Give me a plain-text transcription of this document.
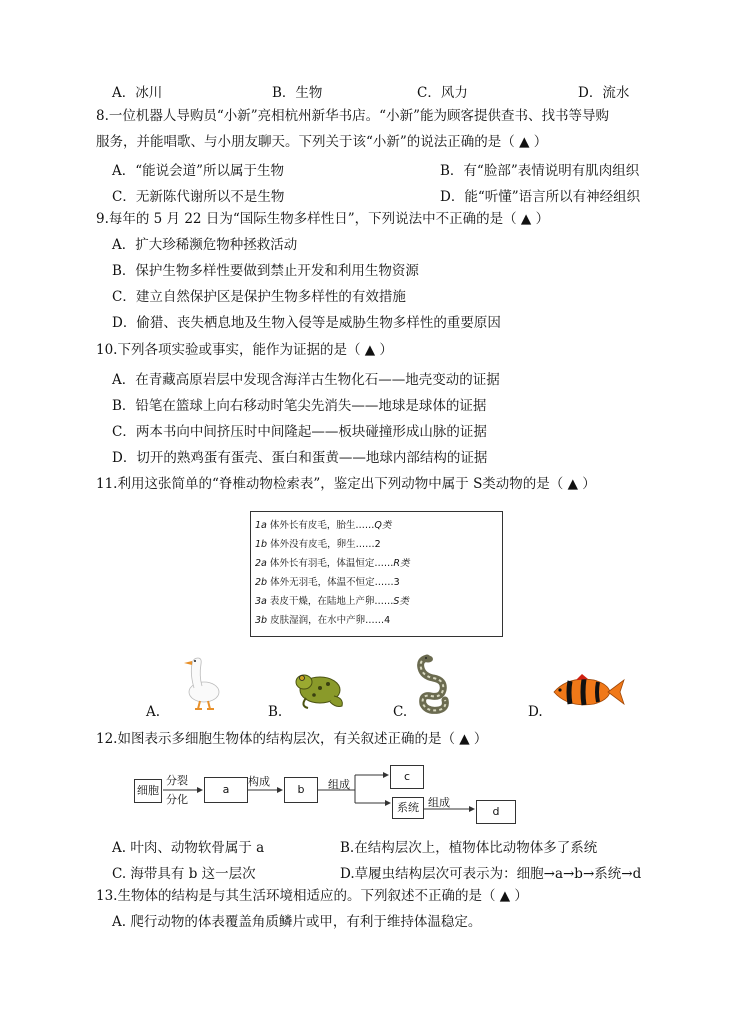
A．冰川	B．生物	C．风力	D．流水
8.一位机器人导购员“小新”亮相杭州新华书店。“小新”能为顾客提供查书、找书等导购
服务，并能唱歌、与小朋友聊天。下列关于该“小新”的说法正确的是（ ▲ ）
A．“能说会道”所以属于生物	B．有“脸部”表情说明有肌肉组织
C．无新陈代谢所以不是生物	D．能“听懂”语言所以有神经组织
9.每年的 5 月 22 日为“国际生物多样性日”，下列说法中不正确的是（ ▲ ）
A．扩大珍稀濒危物种拯救活动
B．保护生物多样性要做到禁止开发和利用生物资源
C．建立自然保护区是保护生物多样性的有效措施
D．偷猎、丧失栖息地及生物入侵等是威胁生物多样性的重要原因
10.下列各项实验或事实，能作为证据的是（ ▲ ）
A．在青藏高原岩层中发现含海洋古生物化石——地壳变动的证据
B．铅笔在篮球上向右移动时笔尖先消失——地球是球体的证据
C．两本书向中间挤压时中间隆起——板块碰撞形成山脉的证据
D．切开的熟鸡蛋有蛋壳、蛋白和蛋黄——地球内部结构的证据
11.利用这张简单的“脊椎动物检索表”，鉴定出下列动物中属于 S类动物的是（ ▲ ）
1a 体外长有皮毛，胎生……Q类
1b 体外没有皮毛，卵生……2
2a 体外长有羽毛，体温恒定……R类
2b 体外无羽毛，体温不恒定……3
3a 表皮干燥，在陆地上产卵……S类
3b 皮肤湿润，在水中产卵……4
A.	B.	C.	D.
12.如图表示多细胞生物体的结构层次，有关叙述正确的是（ ▲ ）
细胞
分裂
分化
a
构成
b	组成
c
系统 组成
d
A. 叶肉、动物软骨属于 a	B.在结构层次上，植物体比动物体多了系统
C. 海带具有 b 这一层次	D.草履虫结构层次可表示为：细胞→a→b→系统→d
13.生物体的结构是与其生活环境相适应的。下列叙述不正确的是（ ▲ ）
A. 爬行动物的体表覆盖角质鳞片或甲，有利于维持体温稳定。
